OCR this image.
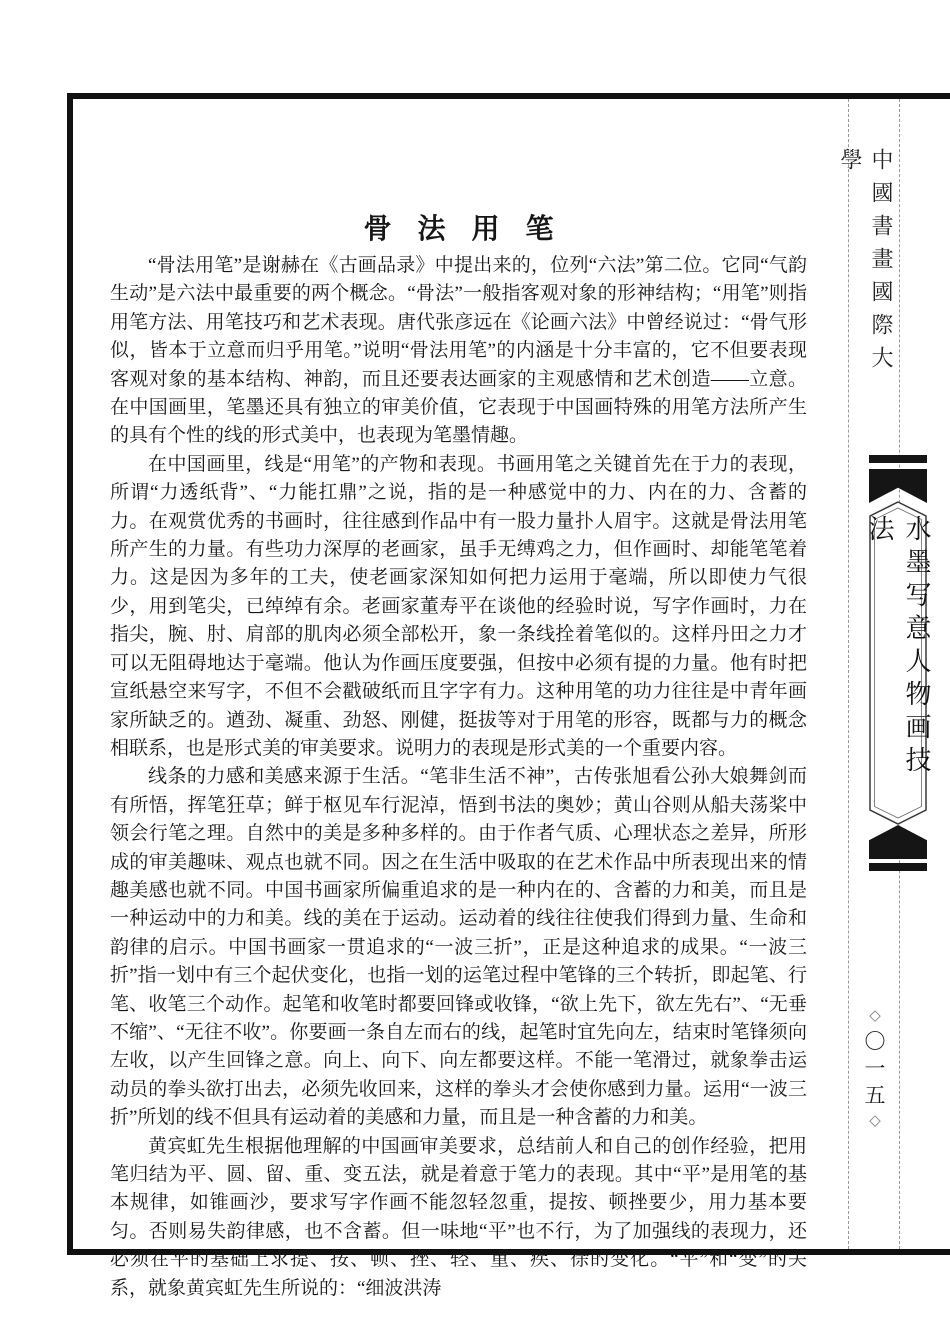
骨法用笔

“骨法用笔”是谢赫在《古画品录》中提出来的，位列“六法”第二位。它同“气韵生动”是六法中最重要的两个概念。“骨法”一般指客观对象的形神结构；“用笔”则指用笔方法、用笔技巧和艺术表现。唐代张彦远在《论画六法》中曾经说过：“骨气形似，皆本于立意而归乎用笔。”说明“骨法用笔”的内涵是十分丰富的，它不但要表现客观对象的基本结构、神韵，而且还要表达画家的主观感情和艺术创造——立意。在中国画里，笔墨还具有独立的审美价值，它表现于中国画特殊的用笔方法所产生的具有个性的线的形式美中，也表现为笔墨情趣。

在中国画里，线是“用笔”的产物和表现。书画用笔之关键首先在于力的表现，所谓“力透纸背”、“力能扛鼎”之说，指的是一种感觉中的力、内在的力、含蓄的力。在观赏优秀的书画时，往往感到作品中有一股力量扑人眉宇。这就是骨法用笔所产生的力量。有些功力深厚的老画家，虽手无缚鸡之力，但作画时、却能笔笔着力。这是因为多年的工夫，使老画家深知如何把力运用于毫端，所以即使力气很少，用到笔尖，已绰绰有余。老画家董寿平在谈他的经验时说，写字作画时，力在指尖，腕、肘、肩部的肌肉必须全部松开，象一条线拴着笔似的。这样丹田之力才可以无阻碍地达于毫端。他认为作画压度要强，但按中必须有提的力量。他有时把宣纸悬空来写字，不但不会戳破纸而且字字有力。这种用笔的功力往往是中青年画家所缺乏的。遒劲、凝重、劲怒、刚健，挺拔等对于用笔的形容，既都与力的概念相联系，也是形式美的审美要求。说明力的表现是形式美的一个重要内容。

线条的力感和美感来源于生活。“笔非生活不神”，古传张旭看公孙大娘舞剑而有所悟，挥笔狂草；鲜于枢见车行泥淖，悟到书法的奥妙；黄山谷则从船夫荡桨中领会行笔之理。自然中的美是多种多样的。由于作者气质、心理状态之差异，所形成的审美趣味、观点也就不同。因之在生活中吸取的在艺术作品中所表现出来的情趣美感也就不同。中国书画家所偏重追求的是一种内在的、含蓄的力和美，而且是一种运动中的力和美。线的美在于运动。运动着的线往往使我们得到力量、生命和韵律的启示。中国书画家一贯追求的“一波三折”，正是这种追求的成果。“一波三折”指一划中有三个起伏变化，也指一划的运笔过程中笔锋的三个转折，即起笔、行笔、收笔三个动作。起笔和收笔时都要回锋或收锋，“欲上先下，欲左先右”、“无垂不缩”、“无往不收”。你要画一条自左而右的线，起笔时宜先向左，结束时笔锋须向左收，以产生回锋之意。向上、向下、向左都要这样。不能一笔滑过，就象拳击运动员的拳头欲打出去，必须先收回来，这样的拳头才会使你感到力量。运用“一波三折”所划的线不但具有运动着的美感和力量，而且是一种含蓄的力和美。

黄宾虹先生根据他理解的中国画审美要求，总结前人和自己的创作经验，把用笔归结为平、圆、留、重、变五法，就是着意于笔力的表现。其中“平”是用笔的基本规律，如锥画沙，要求写字作画不能忽轻忽重，提按、顿挫要少，用力基本要匀。否则易失韵律感，也不含蓄。但一味地“平”也不行，为了加强线的表现力，还必须在平的基础上求提、按、顿、挫、轻、重、疾、徐的变化。“平”和“变”的关系，就象黄宾虹先生所说的：“细波洪涛

中國書畫國際大學
水墨写意人物画技法
◇
〇一五
◇
